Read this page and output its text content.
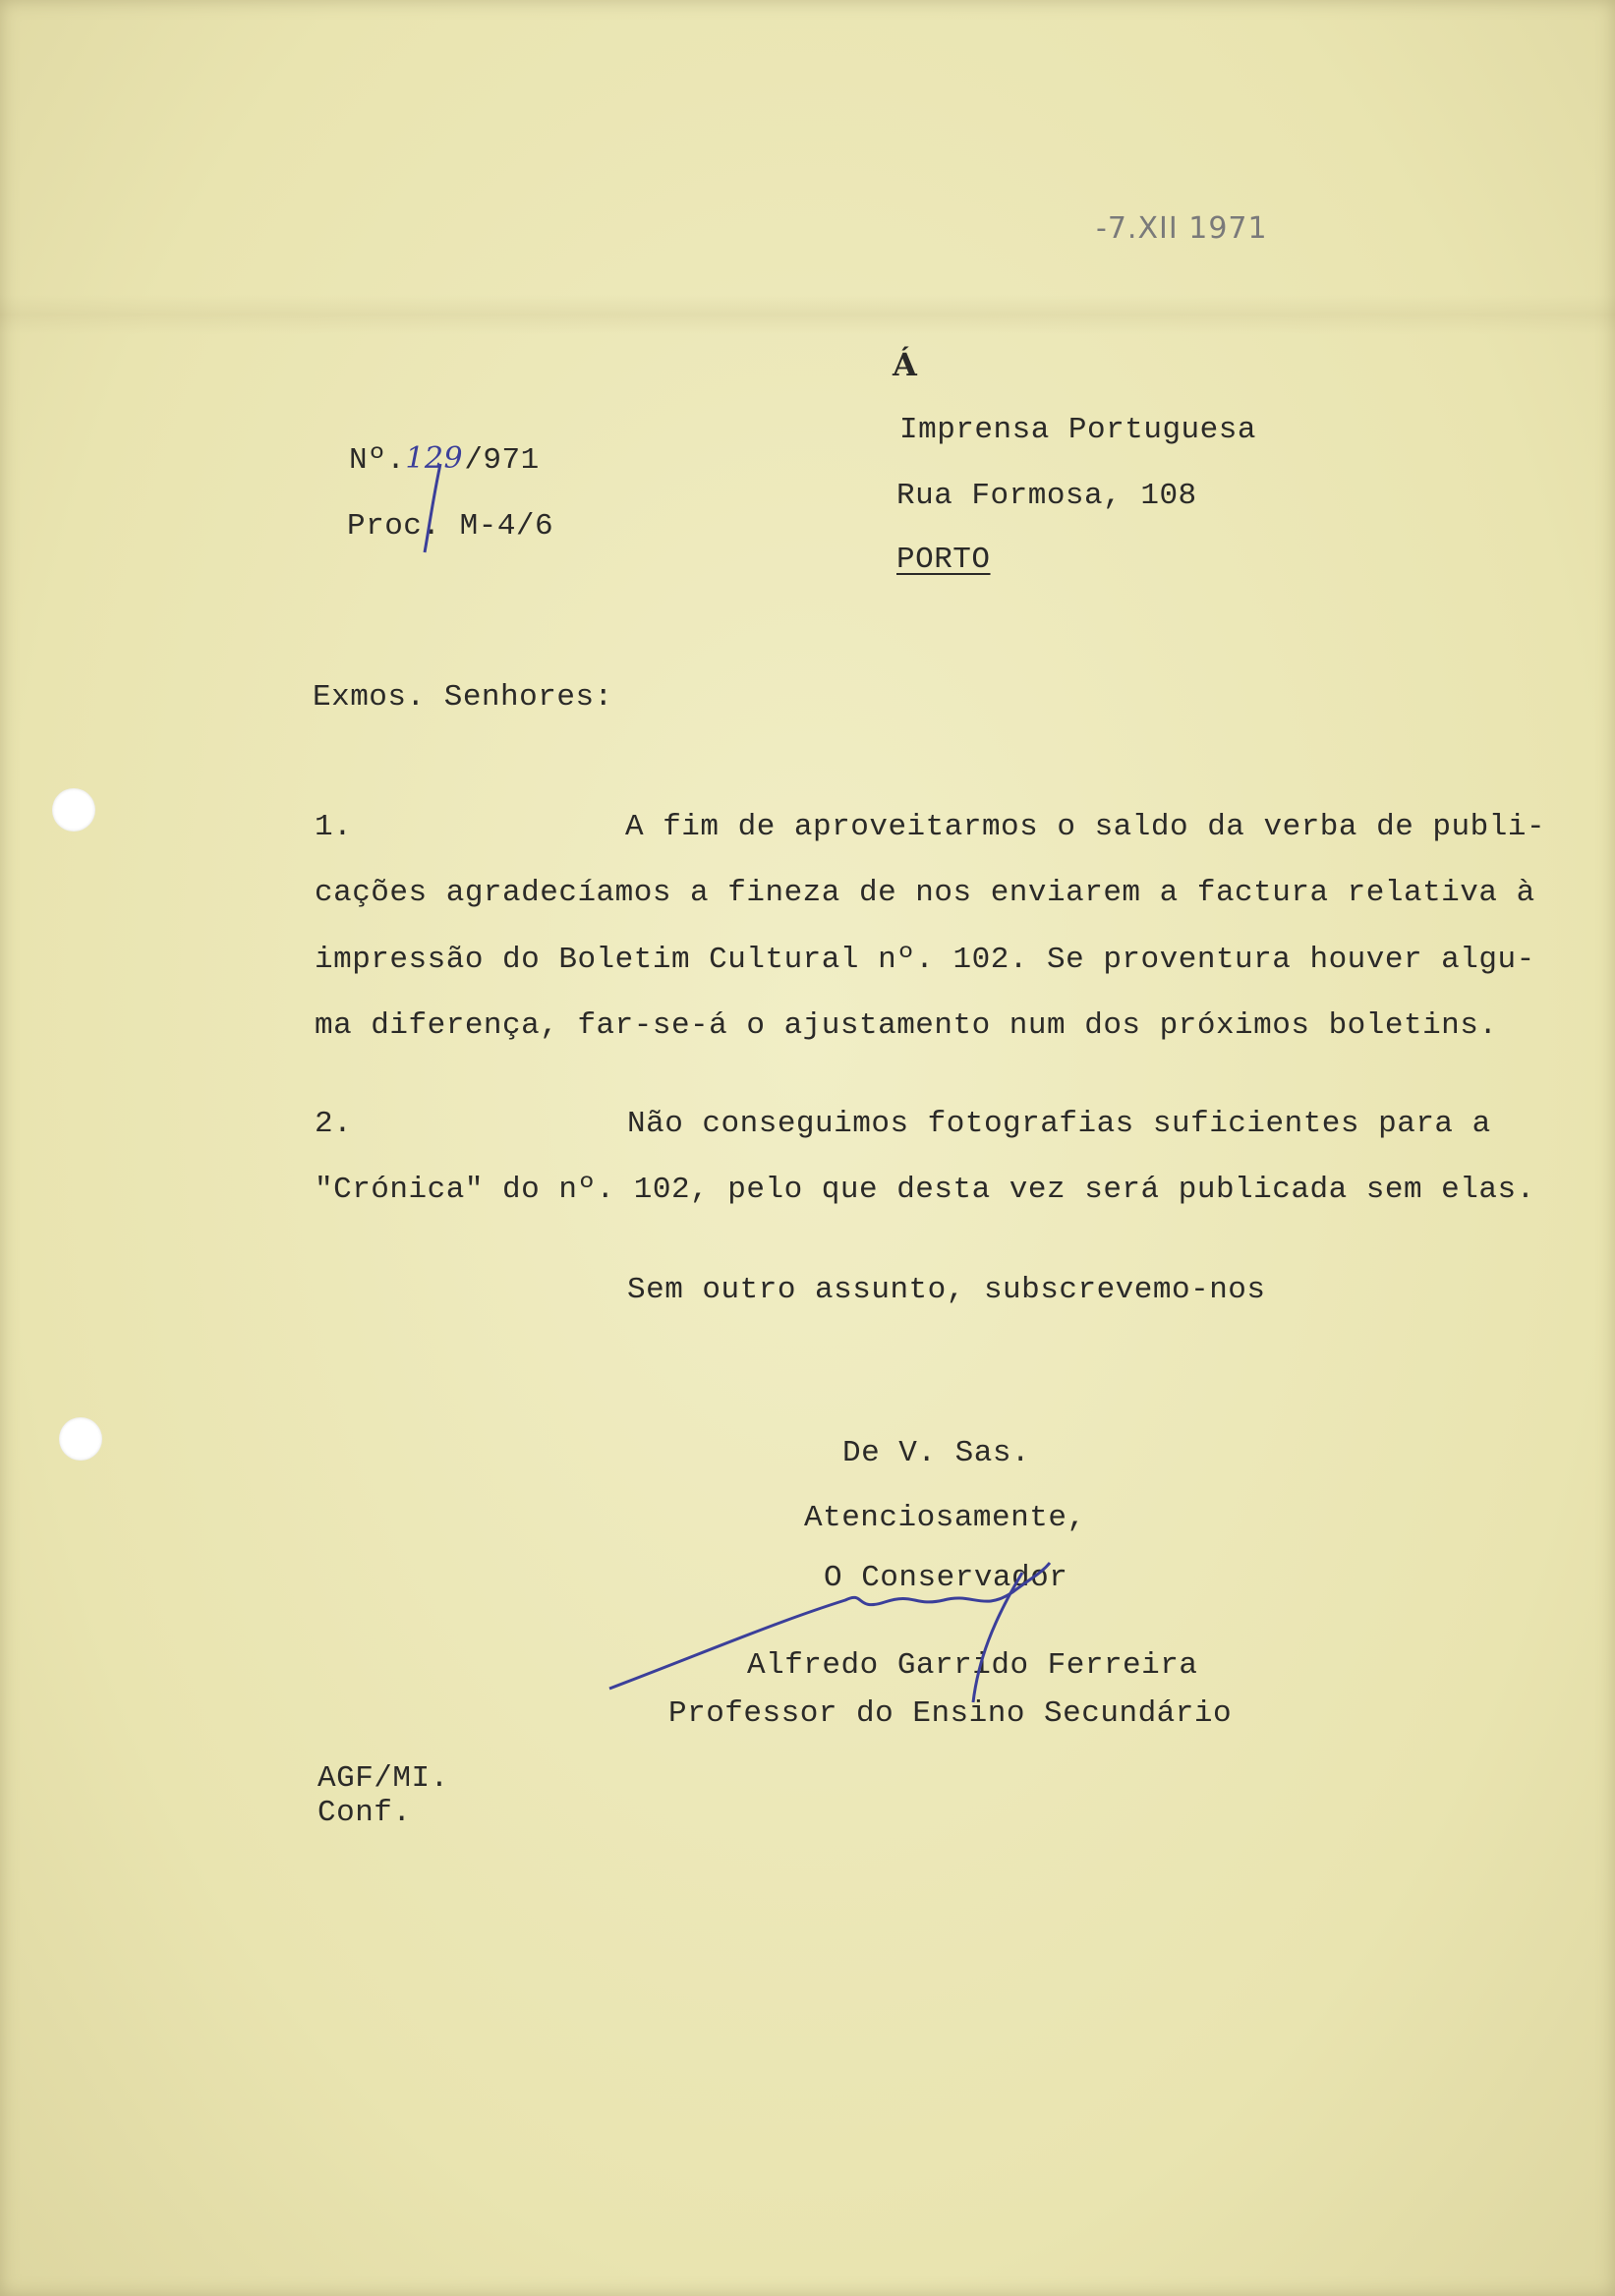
-7.XII 1971
Á
Imprensa Portuguesa
Rua Formosa, 108
PORTO
Nº.129/971
Proc. M-4/6
Exmos. Senhores:
1.	A fim de aproveitarmos o saldo da verba de publi-
cações agradecíamos a fineza de nos enviarem a factura relativa à
impressão do Boletim Cultural nº. 102. Se proventura houver algu-
ma diferença, far-se-á o ajustamento num dos próximos boletins.
2.	Não conseguimos fotografias suficientes para a
"Crónica" do nº. 102, pelo que desta vez será publicada sem elas.
Sem outro assunto, subscrevemo-nos
De V. Sas.
Atenciosamente,
O Conservador
Alfredo Garrido Ferreira
Professor do Ensino Secundário
AGF/MI.
Conf.
